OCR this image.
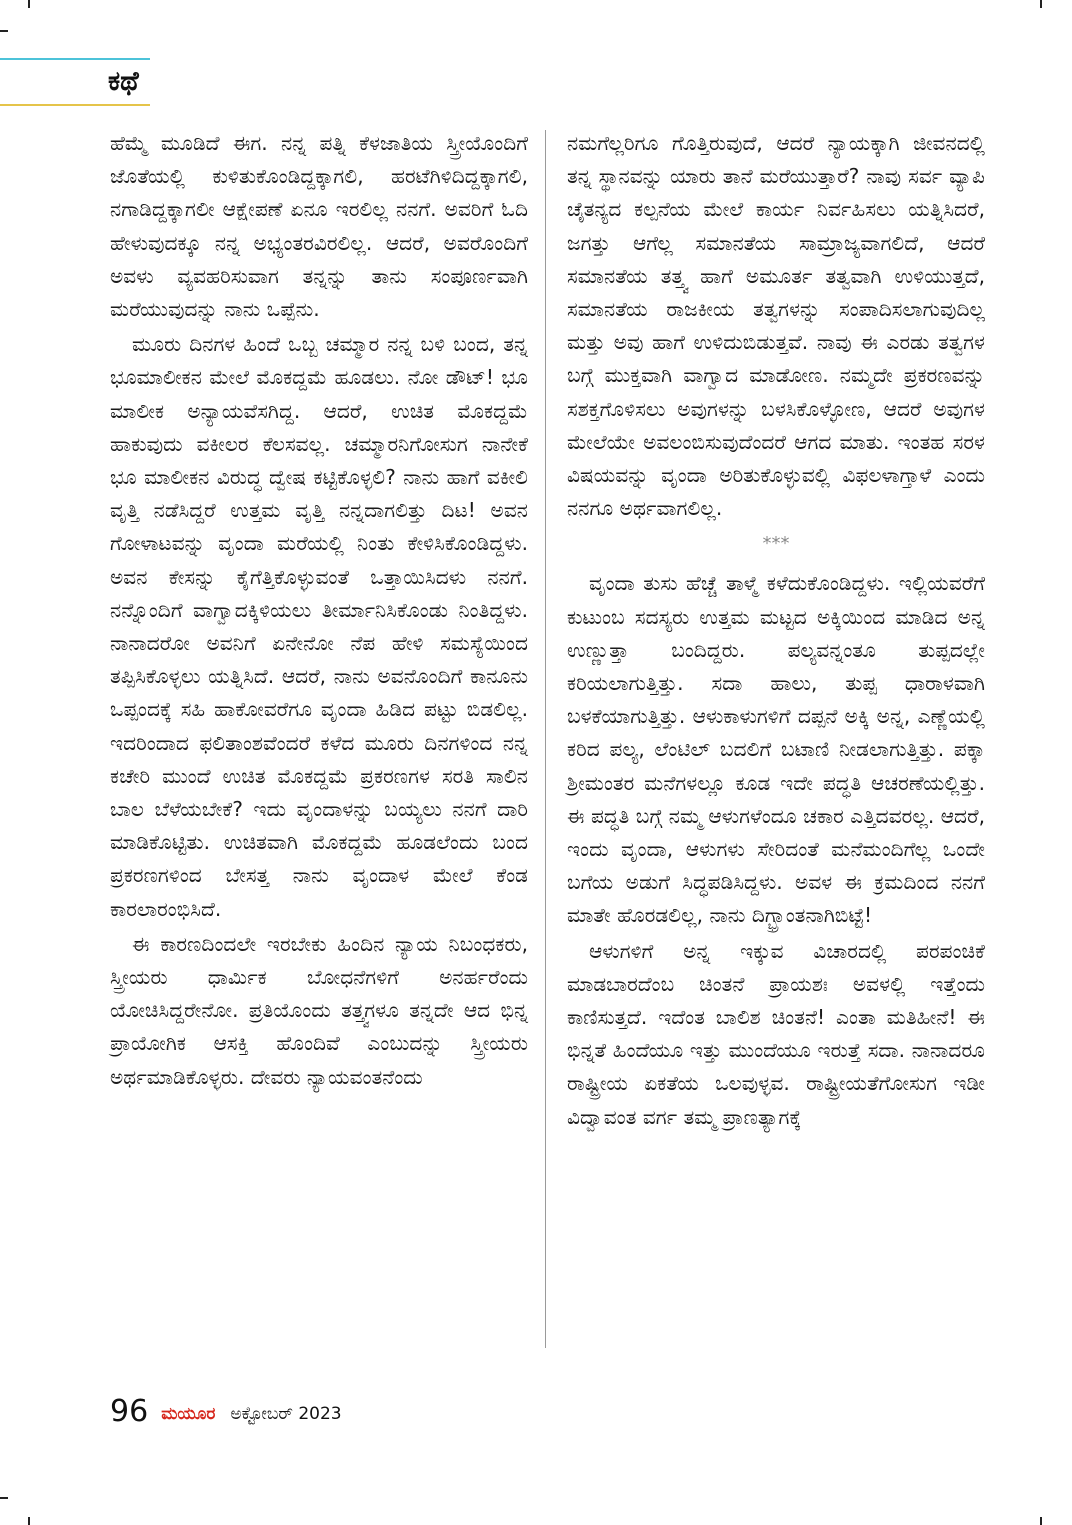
ಕಥೆ

ಹೆಮ್ಮೆ ಮೂಡಿದೆ ಈಗ. ನನ್ನ ಪತ್ನಿ ಕೆಳಜಾತಿಯ ಸ್ತ್ರೀಯೊಂದಿಗೆ ಜೊತೆಯಲ್ಲಿ ಕುಳಿತುಕೊಂಡಿದ್ದಕ್ಕಾಗಲಿ, ಹರಟೆಗಿಳಿದಿದ್ದಕ್ಕಾಗಲಿ, ನಗಾಡಿದ್ದಕ್ಕಾಗಲೀ ಆಕ್ಷೇಪಣೆ ಏನೂ ಇರಲಿಲ್ಲ ನನಗೆ. ಅವರಿಗೆ ಓದಿ ಹೇಳುವುದಕ್ಕೂ ನನ್ನ ಅಭ್ಯಂತರವಿರಲಿಲ್ಲ. ಆದರೆ, ಅವರೊಂದಿಗೆ ಅವಳು ವ್ಯವಹರಿಸುವಾಗ ತನ್ನನ್ನು ತಾನು ಸಂಪೂರ್ಣವಾಗಿ ಮರೆಯುವುದನ್ನು ನಾನು ಒಪ್ಪೆನು.

ಮೂರು ದಿನಗಳ ಹಿಂದೆ ಒಬ್ಬ ಚಮ್ಮಾರ ನನ್ನ ಬಳಿ ಬಂದ, ತನ್ನ ಭೂಮಾಲೀಕನ ಮೇಲೆ ಮೊಕದ್ದಮೆ ಹೂಡಲು. ನೋ ಡೌಟ್! ಭೂ ಮಾಲೀಕ ಅನ್ಯಾಯವೆಸಗಿದ್ದ. ಆದರೆ, ಉಚಿತ ಮೊಕದ್ದಮೆ ಹಾಕುವುದು ವಕೀಲರ ಕೆಲಸವಲ್ಲ. ಚಮ್ಮಾರನಿಗೋಸುಗ ನಾನೇಕೆ ಭೂ ಮಾಲೀಕನ ವಿರುದ್ಧ ದ್ವೇಷ ಕಟ್ಟಿಕೊಳ್ಳಲಿ? ನಾನು ಹಾಗೆ ವಕೀಲಿ ವೃತ್ತಿ ನಡೆಸಿದ್ದರೆ ಉತ್ತಮ ವೃತ್ತಿ ನನ್ನದಾಗಲಿತ್ತು ದಿಟ! ಅವನ ಗೋಳಾಟವನ್ನು ವೃಂದಾ ಮರೆಯಲ್ಲಿ ನಿಂತು ಕೇಳಿಸಿಕೊಂಡಿದ್ದಳು. ಅವನ ಕೇಸನ್ನು ಕೈಗೆತ್ತಿಕೊಳ್ಳುವಂತೆ ಒತ್ತಾಯಿಸಿದಳು ನನಗೆ. ನನ್ನೊಂದಿಗೆ ವಾಗ್ವಾದಕ್ಕಿಳಿಯಲು ತೀರ್ಮಾನಿಸಿಕೊಂಡು ನಿಂತಿದ್ದಳು. ನಾನಾದರೋ ಅವನಿಗೆ ಏನೇನೋ ನೆಪ ಹೇಳಿ ಸಮಸ್ಯೆಯಿಂದ ತಪ್ಪಿಸಿಕೊಳ್ಳಲು ಯತ್ನಿಸಿದೆ. ಆದರೆ, ನಾನು ಅವನೊಂದಿಗೆ ಕಾನೂನು ಒಪ್ಪಂದಕ್ಕೆ ಸಹಿ ಹಾಕೋವರೆಗೂ ವೃಂದಾ ಹಿಡಿದ ಪಟ್ಟು ಬಿಡಲಿಲ್ಲ. ಇದರಿಂದಾದ ಫಲಿತಾಂಶವೆಂದರೆ ಕಳೆದ ಮೂರು ದಿನಗಳಿಂದ ನನ್ನ ಕಚೇರಿ ಮುಂದೆ ಉಚಿತ ಮೊಕದ್ದಮೆ ಪ್ರಕರಣಗಳ ಸರತಿ ಸಾಲಿನ ಬಾಲ ಬೆಳೆಯಬೇಕೆ? ಇದು ವೃಂದಾಳನ್ನು ಬಯ್ಯಲು ನನಗೆ ದಾರಿ ಮಾಡಿಕೊಟ್ಟಿತು. ಉಚಿತವಾಗಿ ಮೊಕದ್ದಮೆ ಹೂಡಲೆಂದು ಬಂದ ಪ್ರಕರಣಗಳಿಂದ ಬೇಸತ್ತ ನಾನು ವೃಂದಾಳ ಮೇಲೆ ಕೆಂಡ ಕಾರಲಾರಂಭಿಸಿದೆ.

ಈ ಕಾರಣದಿಂದಲೇ ಇರಬೇಕು ಹಿಂದಿನ ನ್ಯಾಯ ನಿಬಂಧಕರು, ಸ್ತ್ರೀಯರು ಧಾರ್ಮಿಕ ಬೋಧನೆಗಳಿಗೆ ಅನರ್ಹರೆಂದು ಯೋಚಿಸಿದ್ದರೇನೋ. ಪ್ರತಿಯೊಂದು ತತ್ತ್ವಗಳೂ ತನ್ನದೇ ಆದ ಭಿನ್ನ ಪ್ರಾಯೋಗಿಕ ಆಸಕ್ತಿ ಹೊಂದಿವೆ ಎಂಬುದನ್ನು ಸ್ತ್ರೀಯರು ಅರ್ಥಮಾಡಿಕೊಳ್ಳರು. ದೇವರು ನ್ಯಾಯವಂತನೆಂದು

ನಮಗೆಲ್ಲರಿಗೂ ಗೊತ್ತಿರುವುದೆ, ಆದರೆ ನ್ಯಾಯಕ್ಕಾಗಿ ಜೀವನದಲ್ಲಿ ತನ್ನ ಸ್ಥಾನವನ್ನು ಯಾರು ತಾನೆ ಮರೆಯುತ್ತಾರೆ? ನಾವು ಸರ್ವ ವ್ಯಾಪಿ ಚೈತನ್ಯದ ಕಲ್ಪನೆಯ ಮೇಲೆ ಕಾರ್ಯ ನಿರ್ವಹಿಸಲು ಯತ್ನಿಸಿದರೆ, ಜಗತ್ತು ಆಗೆಲ್ಲ ಸಮಾನತೆಯ ಸಾಮ್ರಾಜ್ಯವಾಗಲಿದೆ, ಆದರೆ ಸಮಾನತೆಯ ತತ್ತ್ವ ಹಾಗೆ ಅಮೂರ್ತ ತತ್ವವಾಗಿ ಉಳಿಯುತ್ತದೆ, ಸಮಾನತೆಯ ರಾಜಕೀಯ ತತ್ವಗಳನ್ನು ಸಂಪಾದಿಸಲಾಗುವುದಿಲ್ಲ ಮತ್ತು ಅವು ಹಾಗೆ ಉಳಿದುಬಿಡುತ್ತವೆ. ನಾವು ಈ ಎರಡು ತತ್ವಗಳ ಬಗ್ಗೆ ಮುಕ್ತವಾಗಿ ವಾಗ್ವಾದ ಮಾಡೋಣ. ನಮ್ಮದೇ ಪ್ರಕರಣವನ್ನು ಸಶಕ್ತಗೊಳಿಸಲು ಅವುಗಳನ್ನು ಬಳಸಿಕೊಳ್ಳೋಣ, ಆದರೆ ಅವುಗಳ ಮೇಲೆಯೇ ಅವಲಂಬಿಸುವುದೆಂದರೆ ಆಗದ ಮಾತು. ಇಂತಹ ಸರಳ ವಿಷಯವನ್ನು ವೃಂದಾ ಅರಿತುಕೊಳ್ಳುವಲ್ಲಿ ವಿಫಲಳಾಗ್ತಾಳೆ ಎಂದು ನನಗೂ ಅರ್ಥವಾಗಲಿಲ್ಲ.

***

ವೃಂದಾ ತುಸು ಹೆಚ್ಚೆ ತಾಳ್ಮೆ ಕಳೆದುಕೊಂಡಿದ್ದಳು. ಇಲ್ಲಿಯವರೆಗೆ ಕುಟುಂಬ ಸದಸ್ಯರು ಉತ್ತಮ ಮಟ್ಟದ ಅಕ್ಕಿಯಿಂದ ಮಾಡಿದ ಅನ್ನ ಉಣ್ಣುತ್ತಾ ಬಂದಿದ್ದರು. ಪಲ್ಯವನ್ನಂತೂ ತುಪ್ಪದಲ್ಲೇ ಕರಿಯಲಾಗುತ್ತಿತ್ತು. ಸದಾ ಹಾಲು, ತುಪ್ಪ ಧಾರಾಳವಾಗಿ ಬಳಕೆಯಾಗುತ್ತಿತ್ತು. ಆಳುಕಾಳುಗಳಿಗೆ ದಪ್ಪನೆ ಅಕ್ಕಿ ಅನ್ನ, ಎಣ್ಣೆಯಲ್ಲಿ ಕರಿದ ಪಲ್ಯ, ಲೆಂಟಿಲ್ ಬದಲಿಗೆ ಬಟಾಣಿ ನೀಡಲಾಗುತ್ತಿತ್ತು. ಪಕ್ಕಾ ಶ್ರೀಮಂತರ ಮನೆಗಳಲ್ಲೂ ಕೂಡ ಇದೇ ಪದ್ಧತಿ ಆಚರಣೆಯಲ್ಲಿತ್ತು. ಈ ಪದ್ಧತಿ ಬಗ್ಗೆ ನಮ್ಮ ಆಳುಗಳೆಂದೂ ಚಕಾರ ಎತ್ತಿದವರಲ್ಲ. ಆದರೆ, ಇಂದು ವೃಂದಾ, ಆಳುಗಳು ಸೇರಿದಂತೆ ಮನೆಮಂದಿಗೆಲ್ಲ ಒಂದೇ ಬಗೆಯ ಅಡುಗೆ ಸಿದ್ಧಪಡಿಸಿದ್ದಳು. ಅವಳ ಈ ಕ್ರಮದಿಂದ ನನಗೆ ಮಾತೇ ಹೊರಡಲಿಲ್ಲ, ನಾನು ದಿಗ್ಭ್ರಾಂತನಾಗಿಬಿಟ್ಟೆ!

ಆಳುಗಳಿಗೆ ಅನ್ನ ಇಕ್ಕುವ ವಿಚಾರದಲ್ಲಿ ಪರಪಂಚಿಕೆ ಮಾಡಬಾರದೆಂಬ ಚಿಂತನೆ ಪ್ರಾಯಶಃ ಅವಳಲ್ಲಿ ಇತ್ತೆಂದು ಕಾಣಿಸುತ್ತದೆ. ಇದೆಂತ ಬಾಲಿಶ ಚಿಂತನೆ! ಎಂತಾ ಮತಿಹೀನೆ! ಈ ಭಿನ್ನತೆ ಹಿಂದೆಯೂ ಇತ್ತು ಮುಂದೆಯೂ ಇರುತ್ತೆ ಸದಾ. ನಾನಾದರೂ ರಾಷ್ಟ್ರೀಯ ಏಕತೆಯ ಒಲವುಳ್ಳವ. ರಾಷ್ಟ್ರೀಯತೆಗೋಸುಗ ಇಡೀ ವಿದ್ವಾವಂತ ವರ್ಗ ತಮ್ಮ ಪ್ರಾಣತ್ಯಾಗಕ್ಕೆ

96 ಮಯೂರ ಅಕ್ಟೋಬರ್ 2023
